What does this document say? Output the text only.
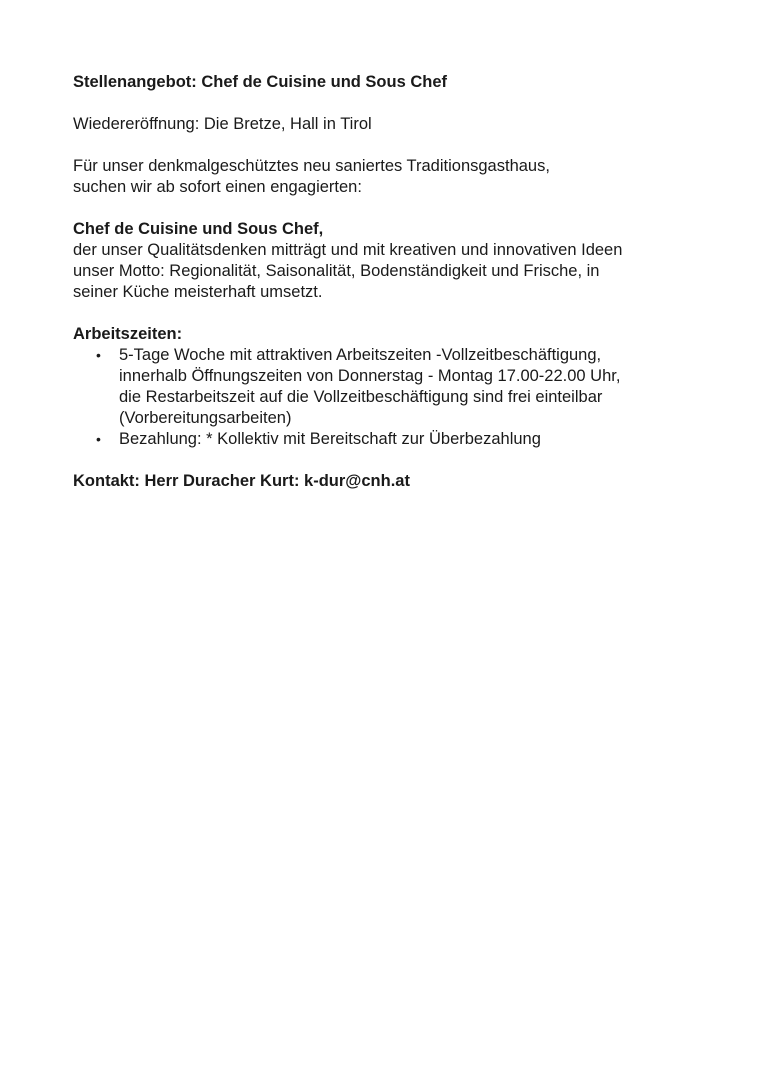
Stellenangebot: Chef de Cuisine und Sous Chef

Wiedereröffnung: Die Bretze, Hall in Tirol

Für unser denkmalgeschütztes neu saniertes Traditionsgasthaus,
suchen wir ab sofort einen engagierten:

Chef de Cuisine und Sous Chef,
der unser Qualitätsdenken mitträgt und mit kreativen und innovativen Ideen
unser Motto: Regionalität, Saisonalität, Bodenständigkeit und Frische, in
seiner Küche meisterhaft umsetzt.

Arbeitszeiten:

• 5-Tage Woche mit attraktiven Arbeitszeiten -Vollzeitbeschäftigung,
innerhalb Öffnungszeiten von Donnerstag - Montag 17.00-22.00 Uhr,
die Restarbeitszeit auf die Vollzeitbeschäftigung sind frei einteilbar
(Vorbereitungsarbeiten)
• Bezahlung: * Kollektiv mit Bereitschaft zur Überbezahlung

Kontakt: Herr Duracher Kurt: k-dur@cnh.at
